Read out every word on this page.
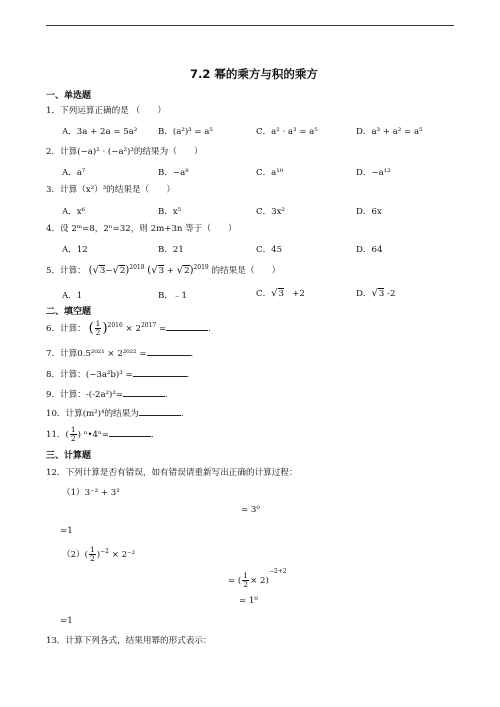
7.2 幂的乘方与积的乘方
一、单选题
1．下列运算正确的是 （　　）
A．3a + 2a = 5a² B．(a²)³ = a⁵	C．a² · a³ = a⁵	D．a³ + a² = a⁵
2．计算(−a)² · (−a²)³的结果为（　　）
A．a⁷	B．−a⁸	C．a¹⁰	D．−a¹²
3．计算（x²）³的结果是（　　）
A．x⁶	B．x⁵	C．3x²	D．6x
4．设 2ᵐ=8，2ⁿ=32，则 2m+3n 等于（　　）
A．12	B．21	C．45	D．64
5．计算： $(√3-√2)^{2018}$ $(√3 + √2)^{2019}$ 的结果是（　　）
A．1	B．﹣1	C．√3 +2	D．√3 -2
二、填空题
6．计算： ( $\frac{1}{2} )^{2016} \times 2^{2017}$ =	.
7．计算0.5²⁰²¹ × 2²⁰²² =	.
8．计算：(−3a²b)³ =	.
9．计算：-(-2a²)²=	.
10．计算(m²)⁴的结果为	.
11．( $\frac{1}{2}$ ) ⁿ•4ⁿ=	.
三、计算题
12．下列计算是否有错误，如有错误请重新写出正确的计算过程：
（1）3⁻² + 3²
= 3⁰
=1
$(2)( \frac{1}{2} )^{-2} \times 2^{-2}$
= ( $\frac{1}{2} \times 2)^{-2+2}$
= 1⁰
=1
13．计算下列各式，结果用幂的形式表示：
